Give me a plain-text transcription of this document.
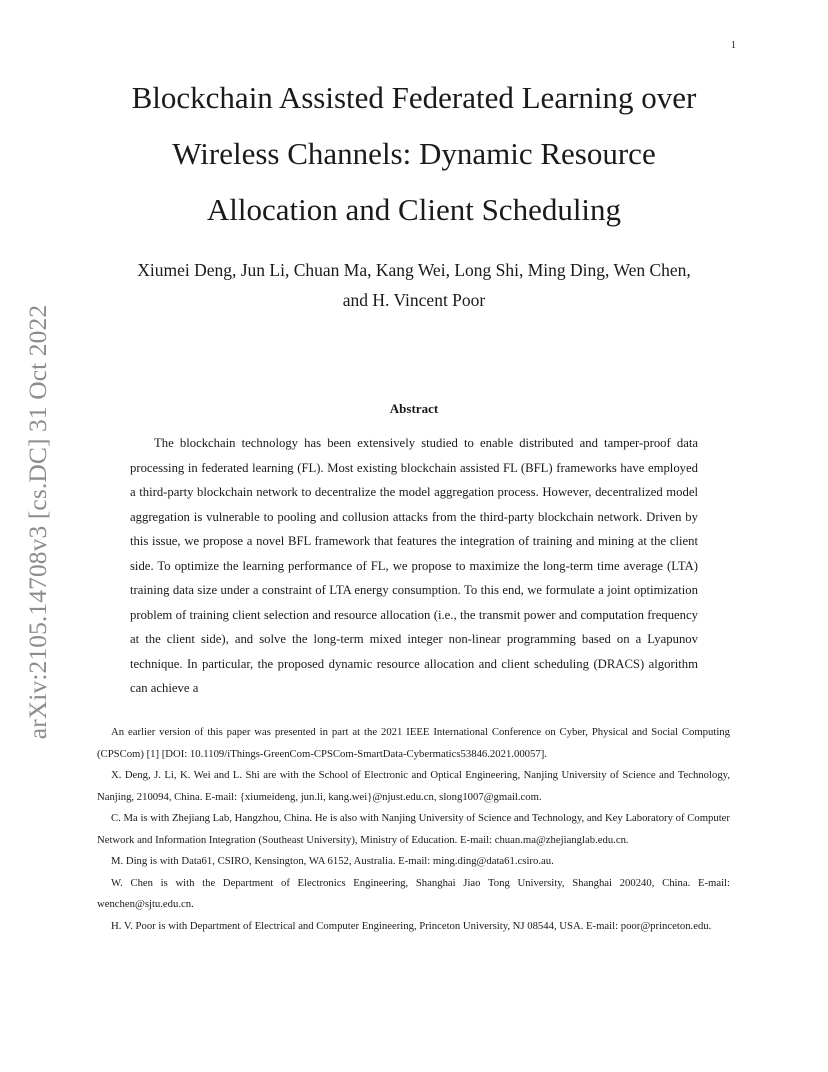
1
arXiv:2105.14708v3 [cs.DC] 31 Oct 2022
Blockchain Assisted Federated Learning over
Wireless Channels: Dynamic Resource
Allocation and Client Scheduling
Xiumei Deng, Jun Li, Chuan Ma, Kang Wei, Long Shi, Ming Ding, Wen Chen,
and H. Vincent Poor
Abstract

The blockchain technology has been extensively studied to enable distributed and tamper-proof data processing in federated learning (FL). Most existing blockchain assisted FL (BFL) frameworks have employed a third-party blockchain network to decentralize the model aggregation process. However, decentralized model aggregation is vulnerable to pooling and collusion attacks from the third-party blockchain network. Driven by this issue, we propose a novel BFL framework that features the integration of training and mining at the client side. To optimize the learning performance of FL, we propose to maximize the long-term time average (LTA) training data size under a constraint of LTA energy consumption. To this end, we formulate a joint optimization problem of training client selection and resource allocation (i.e., the transmit power and computation frequency at the client side), and solve the long-term mixed integer non-linear programming based on a Lyapunov technique. In particular, the proposed dynamic resource allocation and client scheduling (DRACS) algorithm can achieve a

An earlier version of this paper was presented in part at the 2021 IEEE International Conference on Cyber, Physical and Social Computing (CPSCom) [1] [DOI: 10.1109/iThings-GreenCom-CPSCom-SmartData-Cybermatics53846.2021.00057].

X. Deng, J. Li, K. Wei and L. Shi are with the School of Electronic and Optical Engineering, Nanjing University of Science and Technology, Nanjing, 210094, China. E-mail: {xiumeideng, jun.li, kang.wei}@njust.edu.cn, slong1007@gmail.com.

C. Ma is with Zhejiang Lab, Hangzhou, China. He is also with Nanjing University of Science and Technology, and Key Laboratory of Computer Network and Information Integration (Southeast University), Ministry of Education. E-mail: chuan.ma@zhejianglab.edu.cn.

M. Ding is with Data61, CSIRO, Kensington, WA 6152, Australia. E-mail: ming.ding@data61.csiro.au.

W. Chen is with the Department of Electronics Engineering, Shanghai Jiao Tong University, Shanghai 200240, China. E-mail: wenchen@sjtu.edu.cn.

H. V. Poor is with Department of Electrical and Computer Engineering, Princeton University, NJ 08544, USA. E-mail: poor@princeton.edu.
